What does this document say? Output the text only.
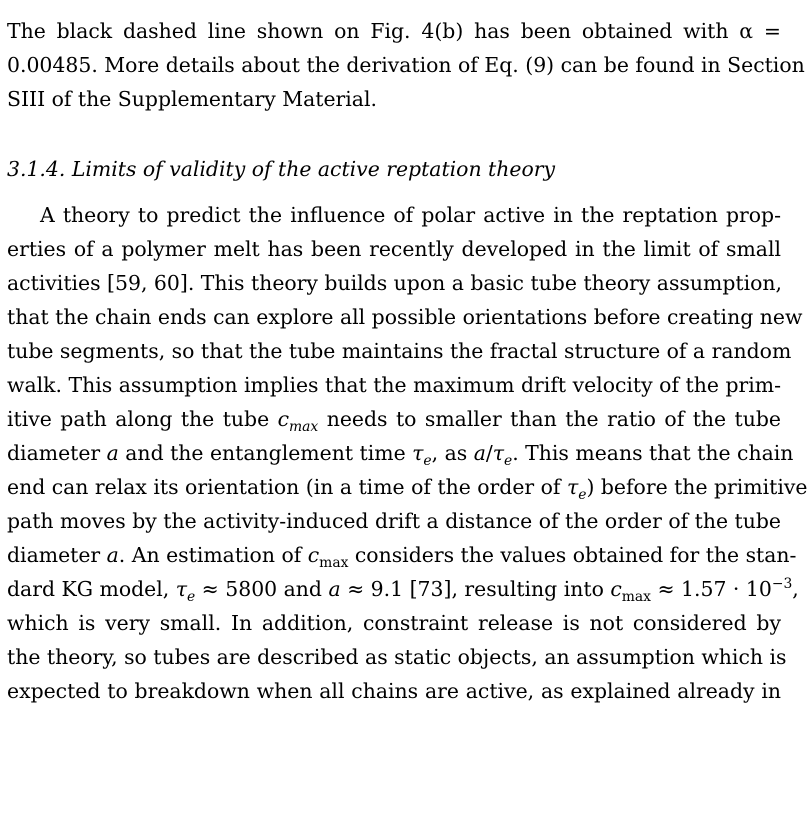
The black dashed line shown on Fig. 4(b) has been obtained with α =
0.00485. More details about the derivation of Eq. (9) can be found in Section
SIII of the Supplementary Material.
3.1.4. Limits of validity of the active reptation theory
A theory to predict the influence of polar active in the reptation prop-
erties of a polymer melt has been recently developed in the limit of small
activities [59, 60]. This theory builds upon a basic tube theory assumption,
that the chain ends can explore all possible orientations before creating new
tube segments, so that the tube maintains the fractal structure of a random
walk. This assumption implies that the maximum drift velocity of the prim-
itive path along the tube $c_{max}$ needs to smaller than the ratio of the tube
diameter a and the entanglement time $\tau_e$, as $a/\tau_e$. This means that the chain
end can relax its orientation (in a time of the order of $\tau_e$) before the primitive
path moves by the activity-induced drift a distance of the order of the tube
diameter a. An estimation of $c_{max}$ considers the values obtained for the stan-
dard KG model, $\tau_e \approx 5800$ and a ≈ 9.1 [73], resulting into $c_{max} \approx 1.57 \cdot 10^{-3}$,
which is very small. In addition, constraint release is not considered by
the theory, so tubes are described as static objects, an assumption which is
expected to breakdown when all chains are active, as explained already in
